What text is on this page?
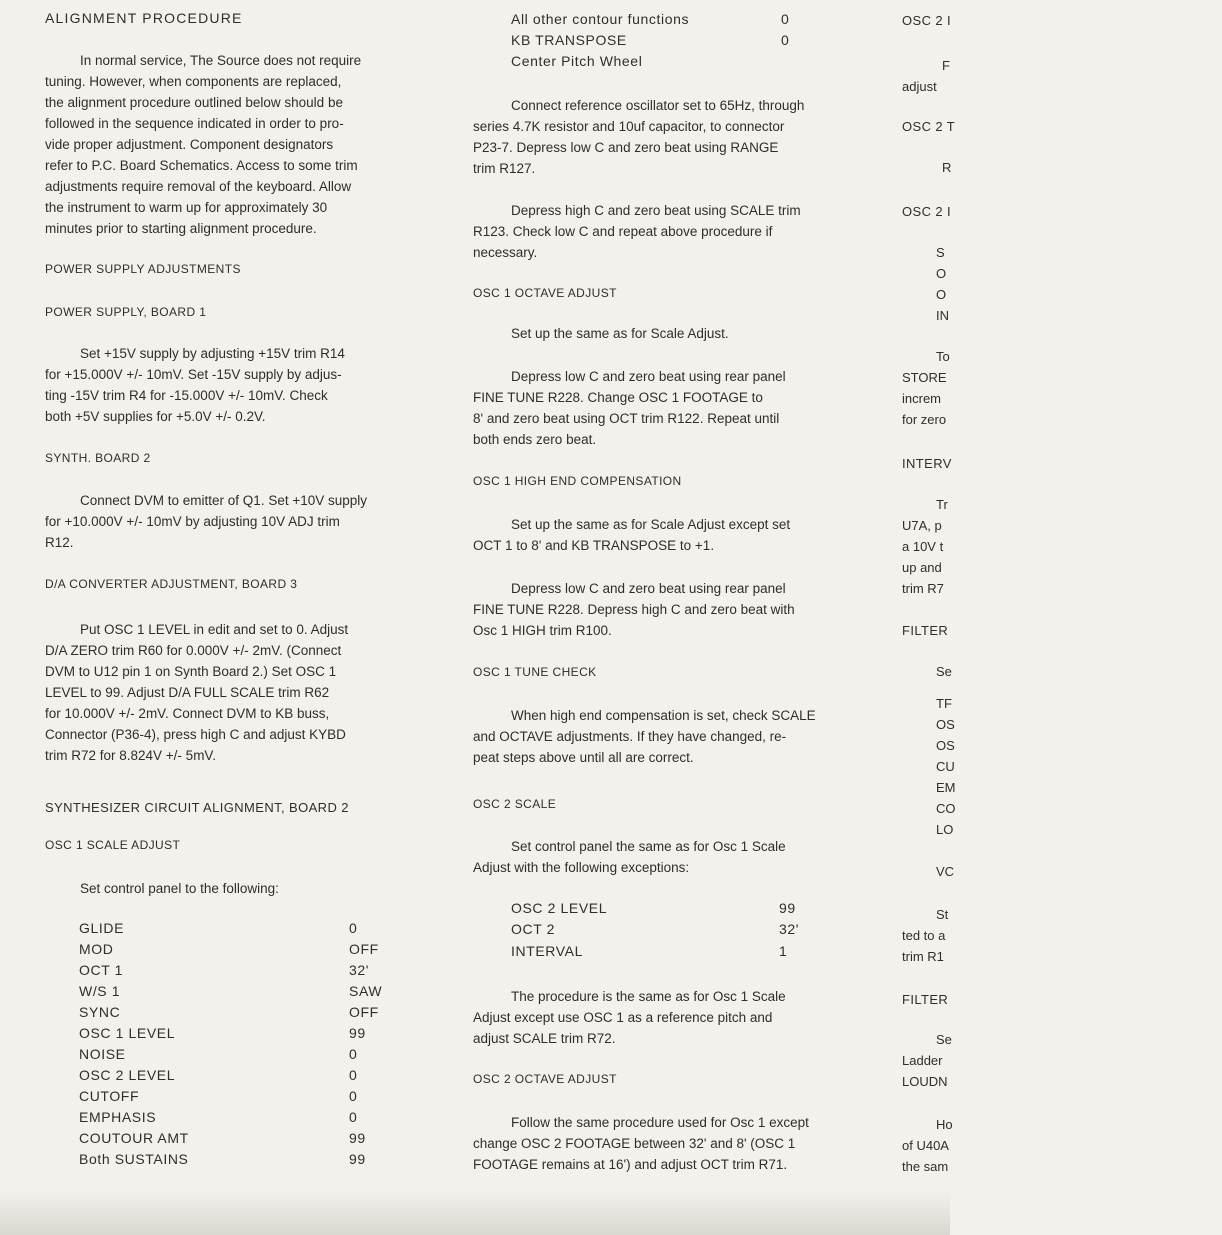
ALIGNMENT PROCEDURE
In normal service, The Source does not require
tuning. However, when components are replaced,
the alignment procedure outlined below should be
followed in the sequence indicated in order to pro-
vide proper adjustment. Component designators
refer to P.C. Board Schematics. Access to some trim
adjustments require removal of the keyboard. Allow
the instrument to warm up for approximately 30
minutes prior to starting alignment procedure.
POWER SUPPLY ADJUSTMENTS
POWER SUPPLY, BOARD 1
Set +15V supply by adjusting +15V trim R14
for +15.000V +/- 10mV. Set -15V supply by adjus-
ting -15V trim R4 for -15.000V +/- 10mV. Check
both +5V supplies for +5.0V +/- 0.2V.
SYNTH. BOARD 2
Connect DVM to emitter of Q1. Set +10V supply
for +10.000V +/- 10mV by adjusting 10V ADJ trim
R12.
D/A CONVERTER ADJUSTMENT, BOARD 3
Put OSC 1 LEVEL in edit and set to 0. Adjust
D/A ZERO trim R60 for 0.000V +/- 2mV. (Connect
DVM to U12 pin 1 on Synth Board 2.) Set OSC 1
LEVEL to 99. Adjust D/A FULL SCALE trim R62
for 10.000V +/- 2mV. Connect DVM to KB buss,
Connector (P36-4), press high C and adjust KYBD
trim R72 for 8.824V +/- 5mV.
SYNTHESIZER CIRCUIT ALIGNMENT, BOARD 2
OSC 1 SCALE ADJUST
Set control panel to the following:
GLIDE	0
MOD	OFF
OCT 1	32'
W/S 1	SAW
SYNC	OFF
OSC 1 LEVEL	99
NOISE	0
OSC 2 LEVEL	0
CUTOFF	0
EMPHASIS	0
COUTOUR AMT	99
Both SUSTAINS	99
All other contour functions	0
KB TRANSPOSE	0
Center Pitch Wheel
Connect reference oscillator set to 65Hz, through
series 4.7K resistor and 10uf capacitor, to connector
P23-7. Depress low C and zero beat using RANGE
trim R127.
Depress high C and zero beat using SCALE trim
R123. Check low C and repeat above procedure if
necessary.
OSC 1 OCTAVE ADJUST
Set up the same as for Scale Adjust.
Depress low C and zero beat using rear panel
FINE TUNE R228. Change OSC 1 FOOTAGE to
8' and zero beat using OCT trim R122. Repeat until
both ends zero beat.
OSC 1 HIGH END COMPENSATION
Set up the same as for Scale Adjust except set
OCT 1 to 8' and KB TRANSPOSE to +1.
Depress low C and zero beat using rear panel
FINE TUNE R228. Depress high C and zero beat with
Osc 1 HIGH trim R100.
OSC 1 TUNE CHECK
When high end compensation is set, check SCALE
and OCTAVE adjustments. If they have changed, re-
peat steps above until all are correct.
OSC 2 SCALE
Set control panel the same as for Osc 1 Scale
Adjust with the following exceptions:
OSC 2 LEVEL	99
OCT 2	32'
INTERVAL	1
The procedure is the same as for Osc 1 Scale
Adjust except use OSC 1 as a reference pitch and
adjust SCALE trim R72.
OSC 2 OCTAVE ADJUST
Follow the same procedure used for Osc 1 except
change OSC 2 FOOTAGE between 32' and 8' (OSC 1
FOOTAGE remains at 16') and adjust OCT trim R71.
OSC 2 I
F
adjust
OSC 2 T
R
OSC 2 I
S
O
O
IN
To
STORE
increm
for zero
INTERV
Tr
U7A, p
a 10V t
up and
trim R7
FILTER
Se
TF
OS
OS
CU
EM
CO
LO
VC
St
ted to a
trim R1
FILTER
Se
Ladder
LOUDN
Ho
of U40A
the sam
